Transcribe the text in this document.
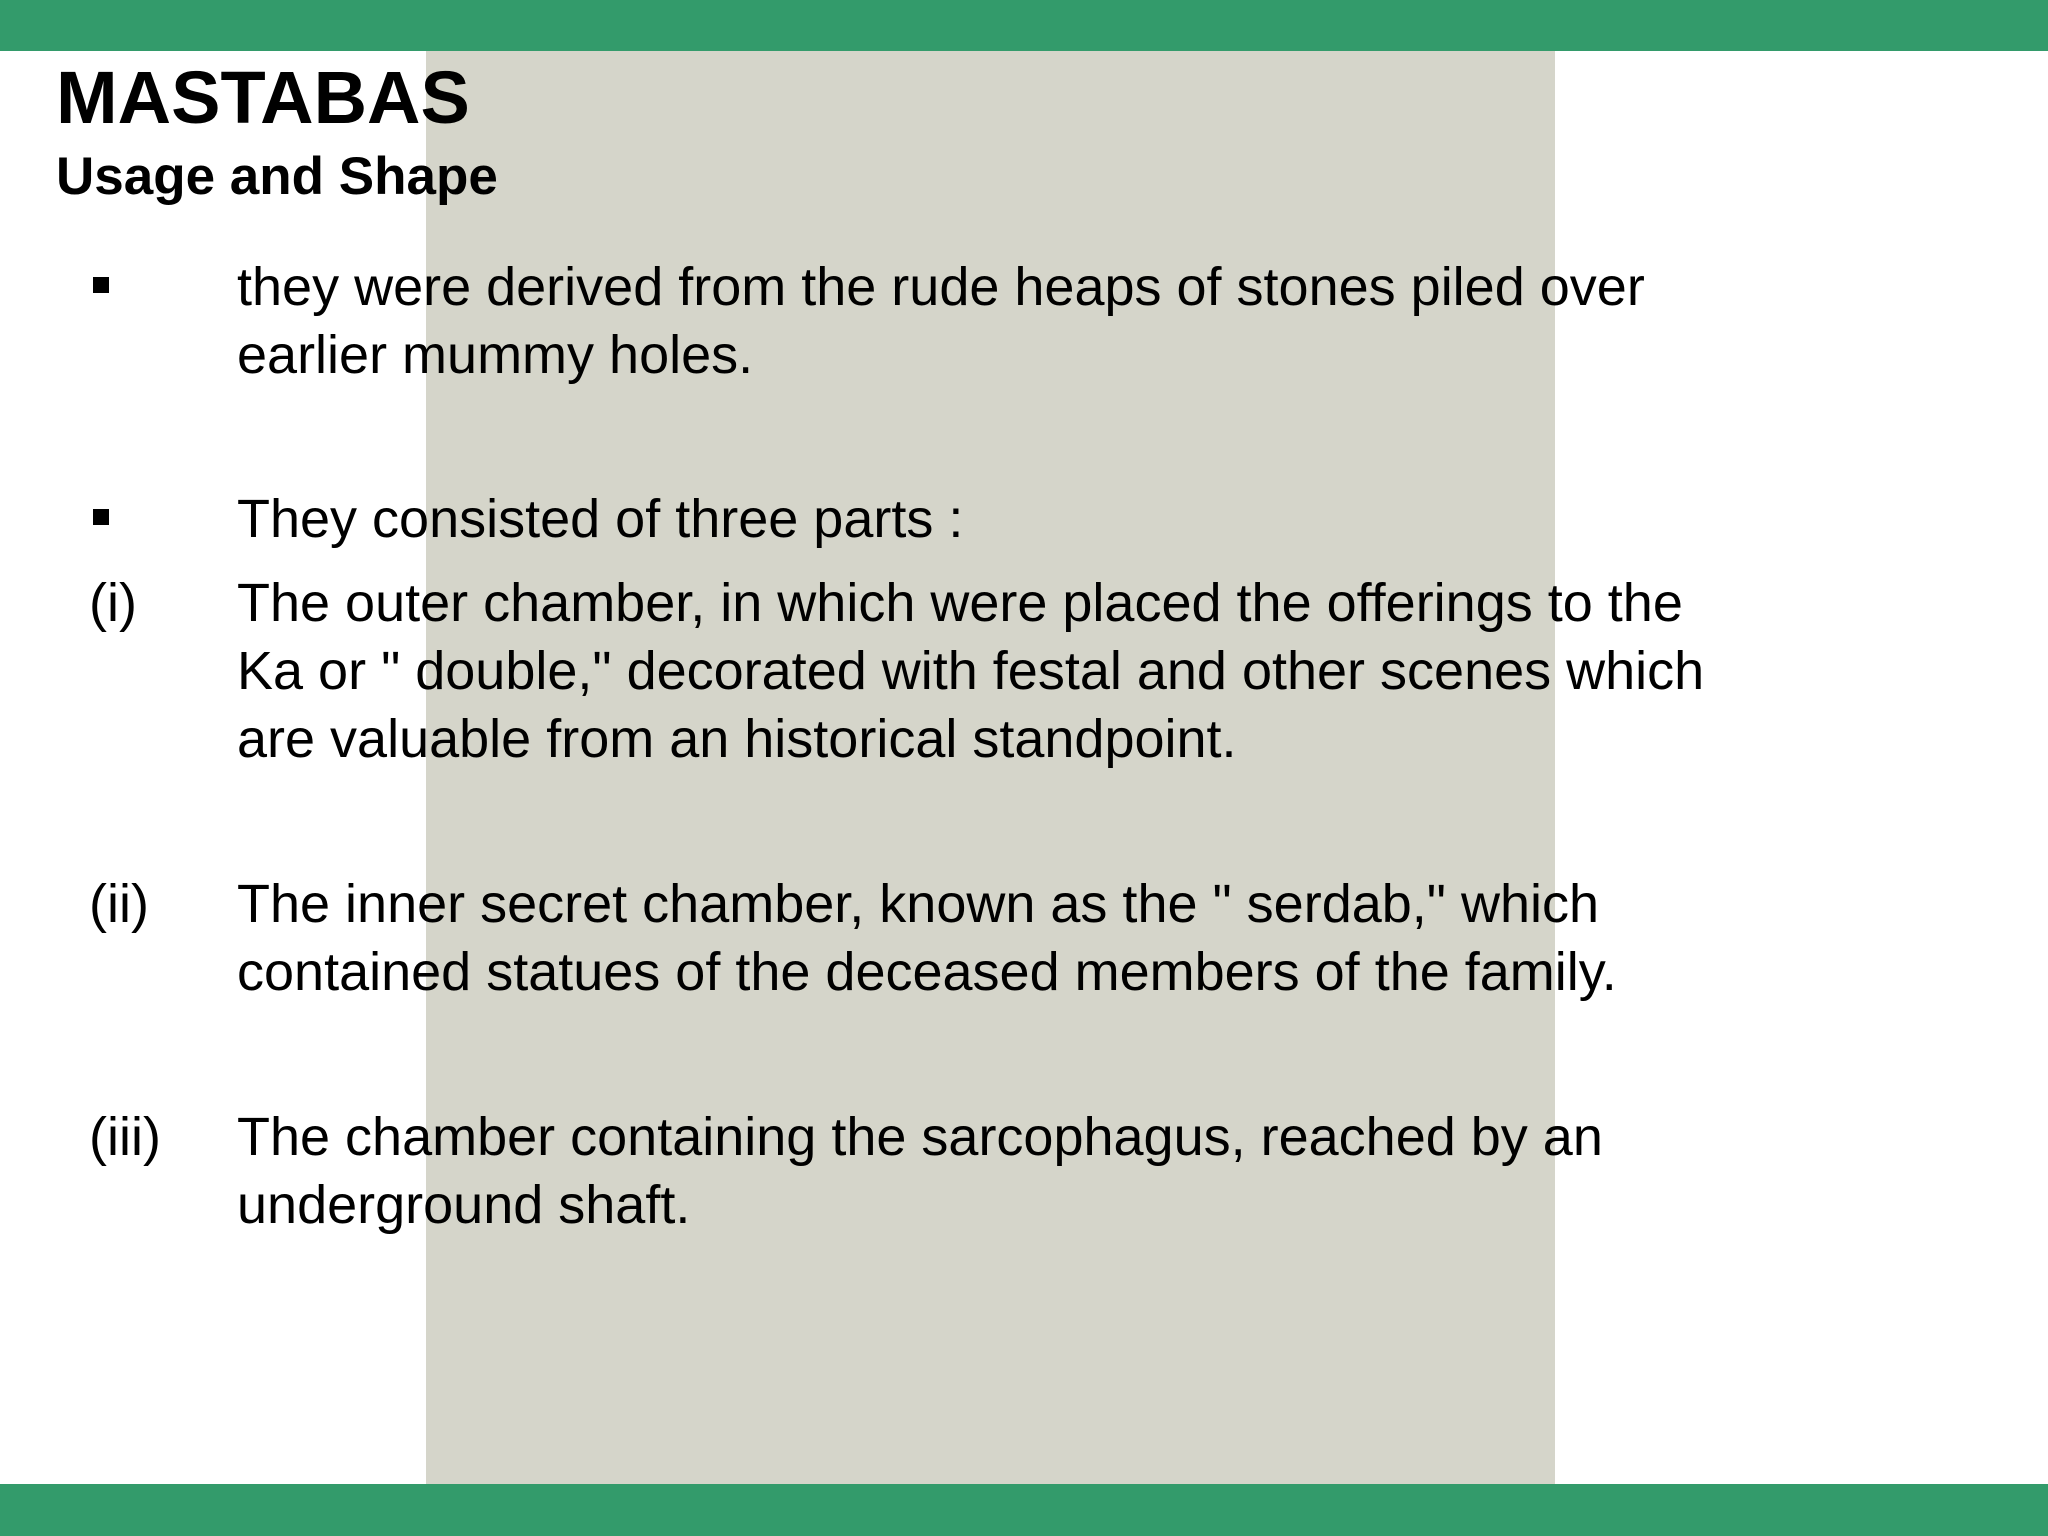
MASTABAS
Usage and Shape

they were derived from the rude heaps of stones piled over
earlier mummy holes.

They consisted of three parts :

(i) The outer chamber, in which were placed the offerings to the
Ka or " double," decorated with festal and other scenes which
are valuable from an historical standpoint.

(ii) The inner secret chamber, known as the " serdab," which
contained statues of the deceased members of the family.

(iii) The chamber containing the sarcophagus, reached by an
underground shaft.
